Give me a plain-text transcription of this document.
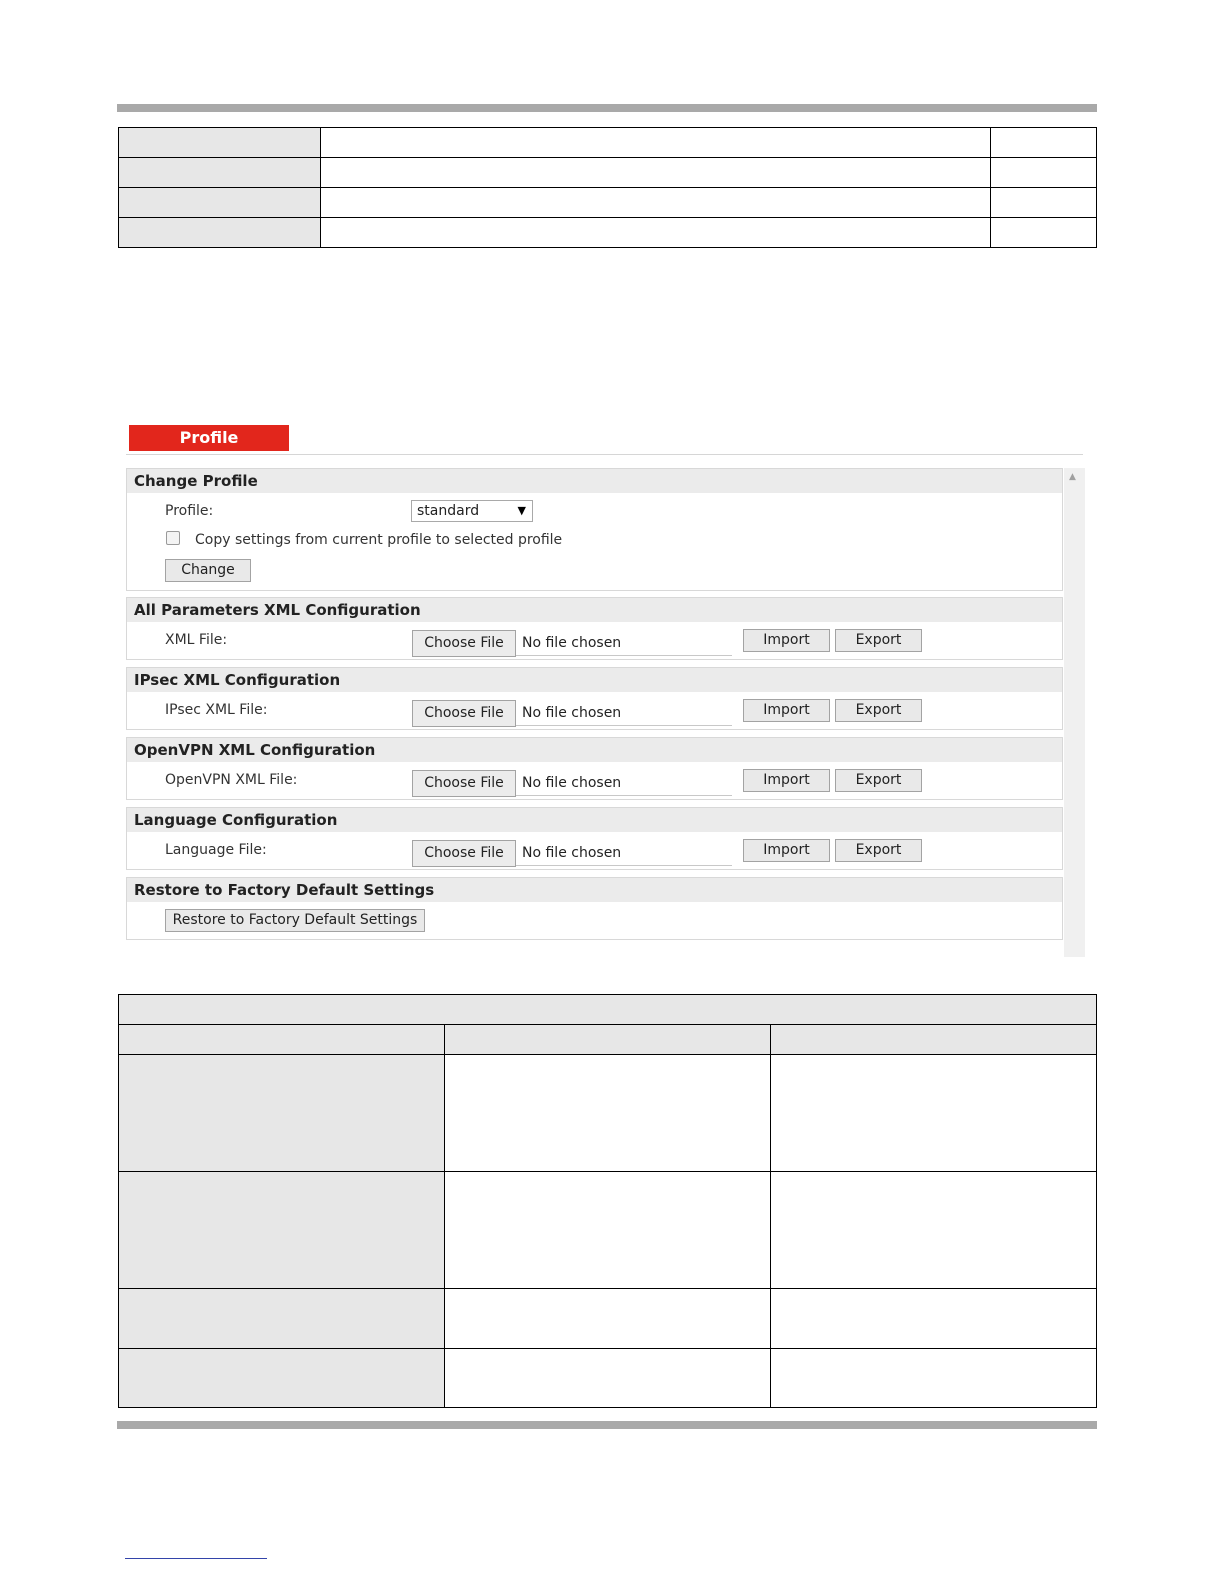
Profile
▲
Change Profile
Profile:	standard	▼
Copy settings from current profile to selected profile
Change
All Parameters XML Configuration
XML File:	Choose File	No file chosen	Import	Export
IPsec XML Configuration
IPsec XML File:	Choose File	No file chosen	Import	Export
OpenVPN XML Configuration
OpenVPN XML File:	Choose File	No file chosen	Import	Export
Language Configuration
Language File:	Choose File	No file chosen	Import	Export
Restore to Factory Default Settings
Restore to Factory Default Settings
